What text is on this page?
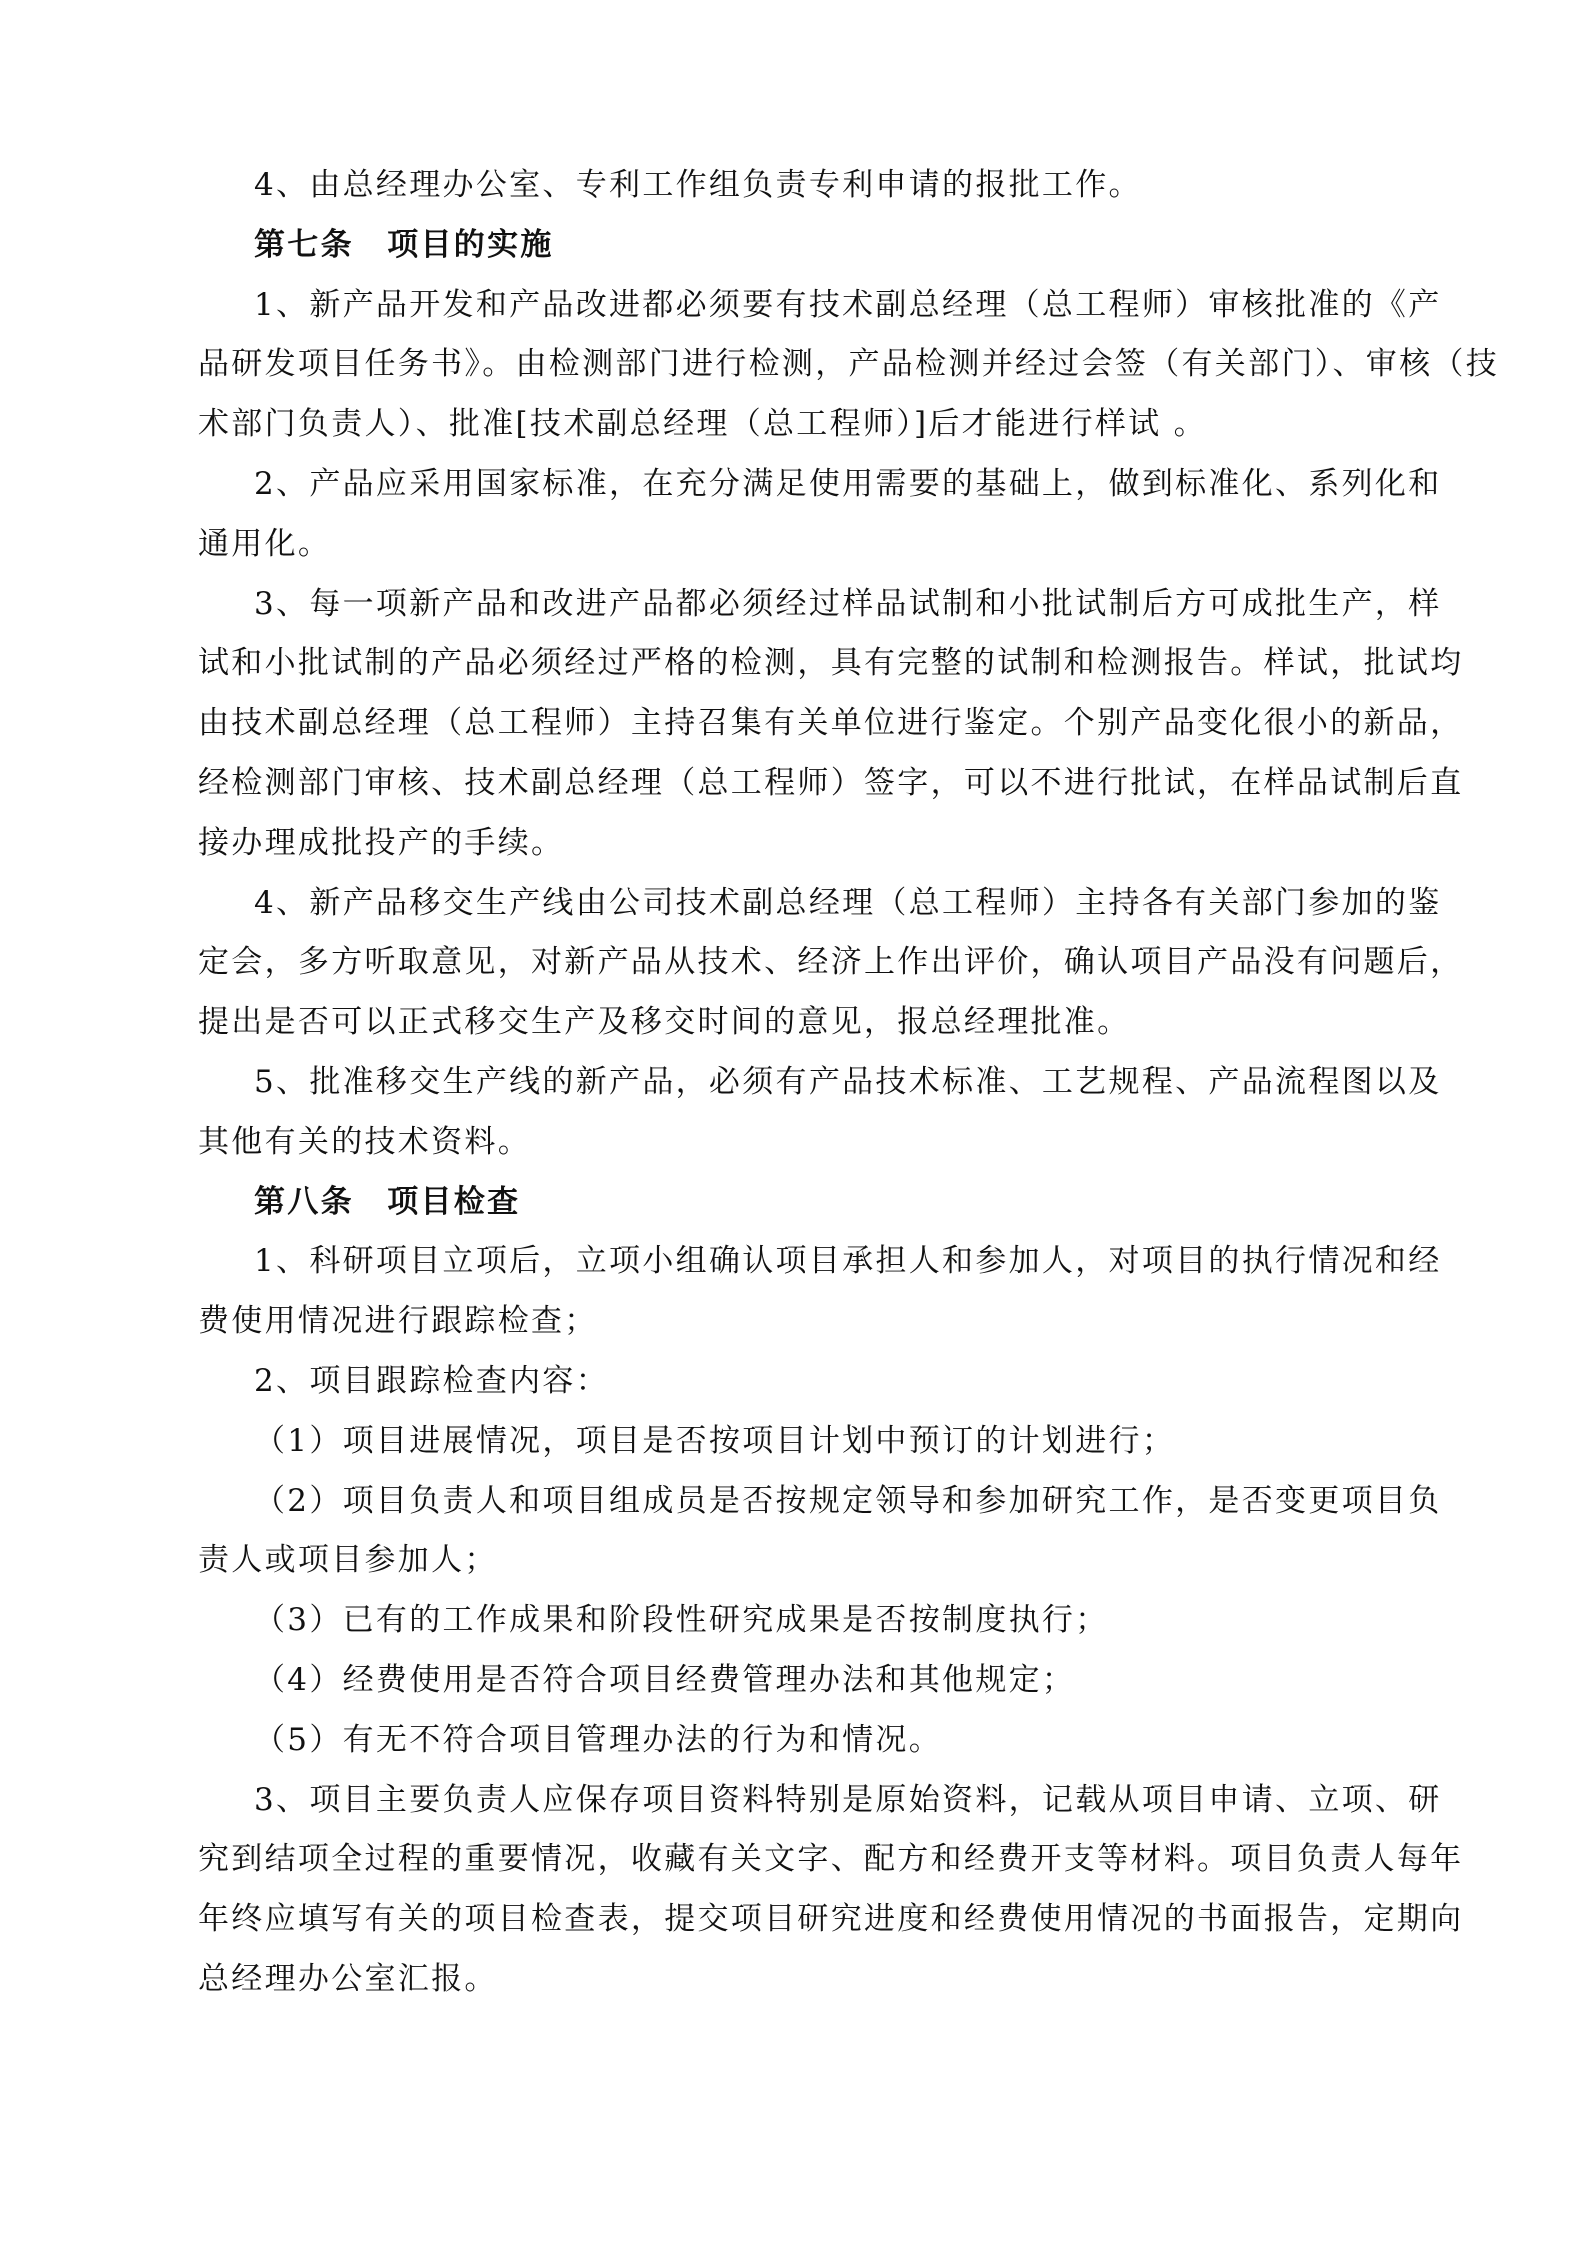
4、由总经理办公室、专利工作组负责专利申请的报批工作。
第七条　项目的实施
1、新产品开发和产品改进都必须要有技术副总经理（总工程师）审核批准的《产
品研发项目任务书》。由检测部门进行检测，产品检测并经过会签（有关部门）、审核（技
术部门负责人）、批准[技术副总经理（总工程师）]后才能进行样试 。
2、产品应采用国家标准，在充分满足使用需要的基础上，做到标准化、系列化和
通用化。
3、每一项新产品和改进产品都必须经过样品试制和小批试制后方可成批生产，样
试和小批试制的产品必须经过严格的检测，具有完整的试制和检测报告。样试，批试均
由技术副总经理（总工程师）主持召集有关单位进行鉴定。个别产品变化很小的新品，
经检测部门审核、技术副总经理（总工程师）签字，可以不进行批试，在样品试制后直
接办理成批投产的手续。
4、新产品移交生产线由公司技术副总经理（总工程师）主持各有关部门参加的鉴
定会，多方听取意见，对新产品从技术、经济上作出评价，确认项目产品没有问题后，
提出是否可以正式移交生产及移交时间的意见，报总经理批准。
5、批准移交生产线的新产品，必须有产品技术标准、工艺规程、产品流程图以及
其他有关的技术资料。
第八条　项目检查
1、科研项目立项后，立项小组确认项目承担人和参加人，对项目的执行情况和经
费使用情况进行跟踪检查；
2、项目跟踪检查内容：
（1）项目进展情况，项目是否按项目计划中预订的计划进行；
（2）项目负责人和项目组成员是否按规定领导和参加研究工作，是否变更项目负
责人或项目参加人；
（3）已有的工作成果和阶段性研究成果是否按制度执行；
（4）经费使用是否符合项目经费管理办法和其他规定；
（5）有无不符合项目管理办法的行为和情况。
3、项目主要负责人应保存项目资料特别是原始资料，记载从项目申请、立项、研
究到结项全过程的重要情况，收藏有关文字、配方和经费开支等材料。项目负责人每年
年终应填写有关的项目检查表，提交项目研究进度和经费使用情况的书面报告，定期向
总经理办公室汇报。
